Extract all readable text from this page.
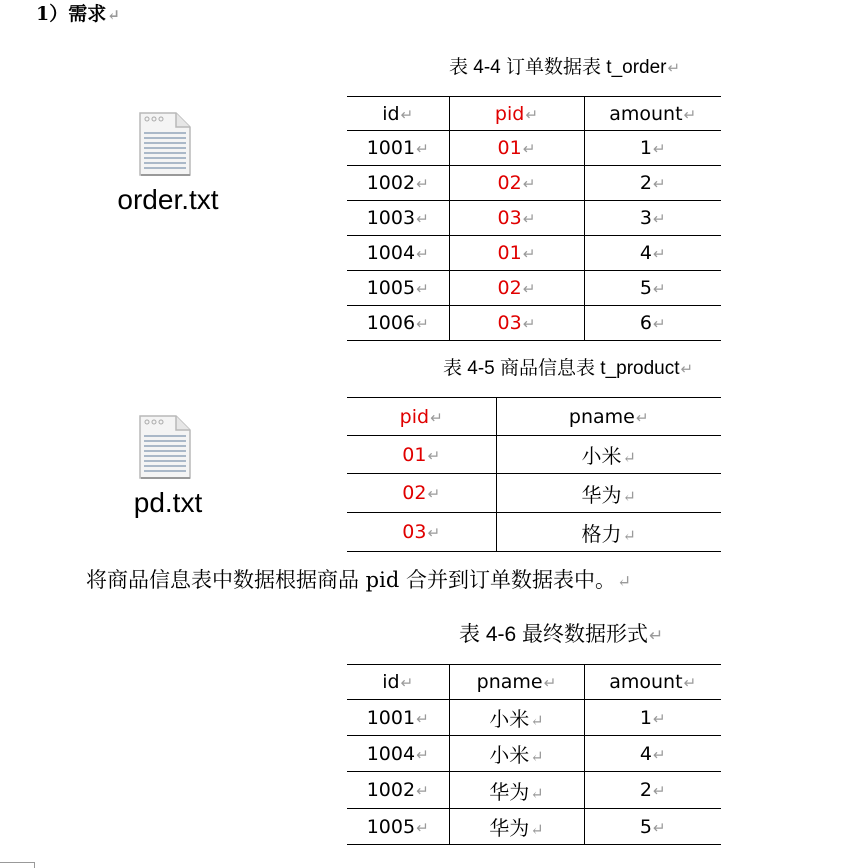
1）需求↵
order.txt
pd.txt
表 4-4 订单数据表 t_order↵
id↵	pid↵	amount↵
1001↵	01↵	1↵
1002↵	02↵	2↵
1003↵	03↵	3↵
1004↵	01↵	4↵
1005↵	02↵	5↵
1006↵	03↵	6↵
表 4-5 商品信息表 t_product↵
pid↵	pname↵
01↵	小米↵
02↵	华为↵
03↵	格力↵
将商品信息表中数据根据商品 pid 合并到订单数据表中。↵
表 4-6 最终数据形式↵
id↵	pname↵	amount↵
1001↵	小米↵	1↵
1004↵	小米↵	4↵
1002↵	华为↵	2↵
1005↵	华为↵	5↵
